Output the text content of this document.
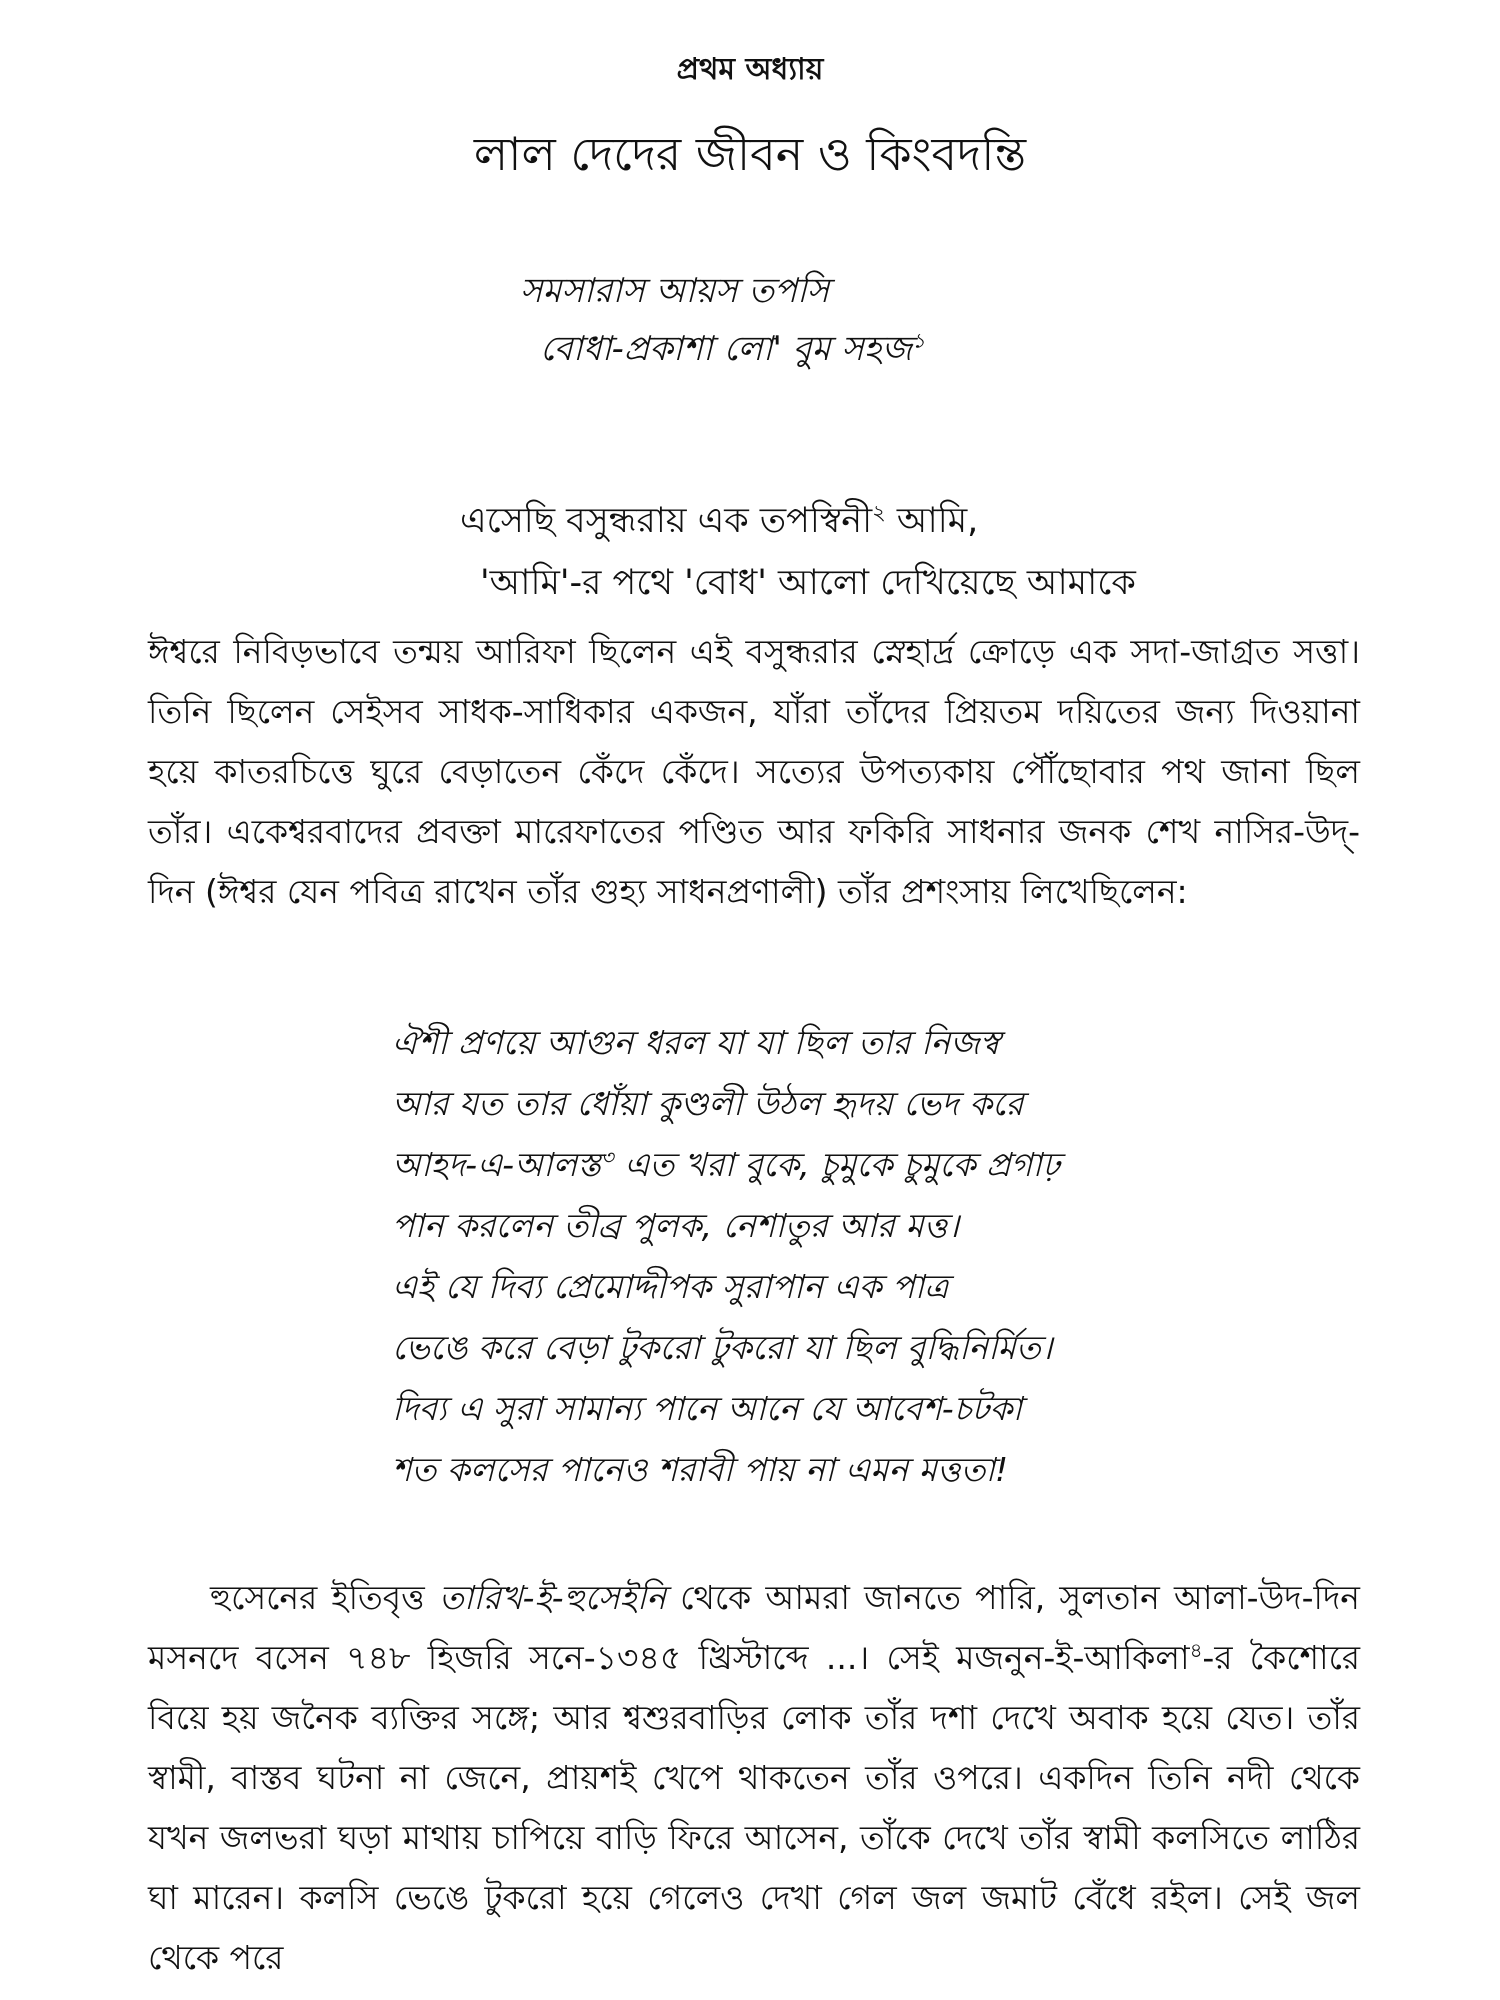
প্রথম অধ্যায়
লাল দেদের জীবন ও কিংবদন্তি
সমসারাস আয়স তপসি
বোধা-প্রকাশা লো' বুম সহজ$^১$
এসেছি বসুন্ধরায় এক তপস্বিনী$^২$ আমি,
'আমি'-র পথে 'বোধ' আলো দেখিয়েছে আমাকে

ঈশ্বরে নিবিড়ভাবে তন্ময় আরিফা ছিলেন এই বসুন্ধরার স্নেহার্দ্র ক্রোড়ে এক সদা-জাগ্রত সত্তা। তিনি ছিলেন সেইসব সাধক-সাধিকার একজন, যাঁরা তাঁদের প্রিয়তম দয়িতের জন্য দিওয়ানা হয়ে কাতরচিত্তে ঘুরে বেড়াতেন কেঁদে কেঁদে। সত্যের উপত্যকায় পৌঁছোবার পথ জানা ছিল তাঁর। একেশ্বরবাদের প্রবক্তা মারেফাতের পণ্ডিত আর ফকিরি সাধনার জনক শেখ নাসির-উদ্-দিন (ঈশ্বর যেন পবিত্র রাখেন তাঁর গুহ্য সাধনপ্রণালী) তাঁর প্রশংসায় লিখেছিলেন:

ঐশী প্রণয়ে আগুন ধরল যা যা ছিল তার নিজস্ব
আর যত তার ধোঁয়া কুণ্ডলী উঠল হৃদয় ভেদ করে
আহদ-এ-আলস্ত$^৩$ এত খরা বুকে, চুমুকে চুমুকে প্রগাঢ়
পান করলেন তীব্র পুলক, নেশাতুর আর মত্ত।
এই যে দিব্য প্রেমোদ্দীপক সুরাপান এক পাত্র
ভেঙে করে বেড়া টুকরো টুকরো যা ছিল বুদ্ধিনির্মিত।
দিব্য এ সুরা সামান্য পানে আনে যে আবেশ-চটকা
শত কলসের পানেও শরাবী পায় না এমন মত্ততা!

হুসেনের ইতিবৃত্ত তারিখ-ই-হুসেইনি থেকে আমরা জানতে পারি, সুলতান আলা-উদ-দিন মসনদে বসেন ৭৪৮ হিজরি সনে-১৩৪৫ খ্রিস্টাব্দে ...। সেই মজনুন-ই-আকিলা$^৪$-র কৈশোরে বিয়ে হয় জনৈক ব্যক্তির সঙ্গে; আর শ্বশুরবাড়ির লোক তাঁর দশা দেখে অবাক হয়ে যেত। তাঁর স্বামী, বাস্তব ঘটনা না জেনে, প্রায়শই খেপে থাকতেন তাঁর ওপরে। একদিন তিনি নদী থেকে যখন জলভরা ঘড়া মাথায় চাপিয়ে বাড়ি ফিরে আসেন, তাঁকে দেখে তাঁর স্বামী কলসিতে লাঠির ঘা মারেন। কলসি ভেঙে টুকরো হয়ে গেলেও দেখা গেল জল জমাট বেঁধে রইল। সেই জল থেকে পরে
